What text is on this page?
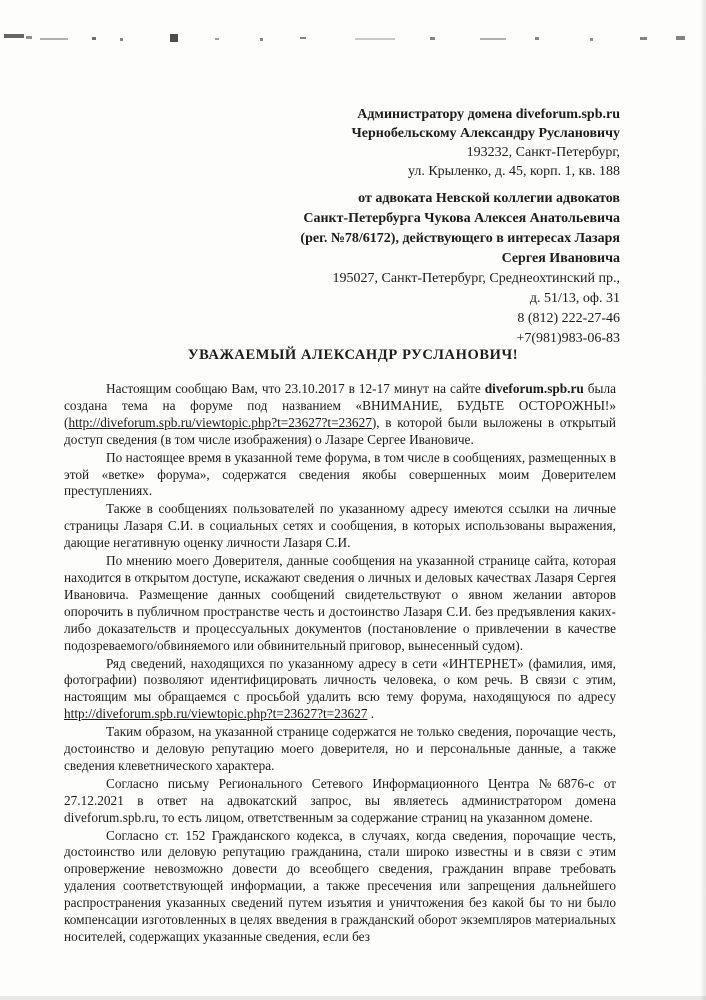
Администратору домена diveforum.spb.ru
Чернобельскому Александру Руслановичу
193232, Санкт-Петербург,
ул. Крыленко, д. 45, корп. 1, кв. 188
от адвоката Невской коллегии адвокатов
Санкт-Петербурга Чукова Алексея Анатольевича
(рег. №78/6172), действующего в интересах Лазаря
Сергея Ивановича
195027, Санкт-Петербург, Среднеохтинский пр.,
д. 51/13, оф. 31
8 (812) 222-27-46
+7(981)983-06-83
УВАЖАЕМЫЙ АЛЕКСАНДР РУСЛАНОВИЧ!

Настоящим сообщаю Вам, что 23.10.2017 в 12-17 минут на сайте diveforum.spb.ru была создана тема на форуме под названием «ВНИМАНИЕ, БУДЬТЕ ОСТОРОЖНЫ!» (http://diveforum.spb.ru/viewtopic.php?t=23627?t=23627), в которой были выложены в открытый доступ сведения (в том числе изображения) о Лазаре Сергее Ивановиче.

По настоящее время в указанной теме форума, в том числе в сообщениях, размещенных в этой «ветке» форума», содержатся сведения якобы совершенных моим Доверителем преступлениях.

Также в сообщениях пользователей по указанному адресу имеются ссылки на личные страницы Лазаря С.И. в социальных сетях и сообщения, в которых использованы выражения, дающие негативную оценку личности Лазаря С.И.

По мнению моего Доверителя, данные сообщения на указанной странице сайта, которая находится в открытом доступе, искажают сведения о личных и деловых качествах Лазаря Сергея Ивановича. Размещение данных сообщений свидетельствуют о явном желании авторов опорочить в публичном пространстве честь и достоинство Лазаря С.И. без предъявления каких-либо доказательств и процессуальных документов (постановление о привлечении в качестве подозреваемого/обвиняемого или обвинительный приговор, вынесенный судом).

Ряд сведений, находящихся по указанному адресу в сети «ИНТЕРНЕТ» (фамилия, имя, фотографии) позволяют идентифицировать личность человека, о ком речь. В связи с этим, настоящим мы обращаемся с просьбой удалить всю тему форума, находящуюся по адресу http://diveforum.spb.ru/viewtopic.php?t=23627?t=23627 .

Таким образом, на указанной странице содержатся не только сведения, порочащие честь, достоинство и деловую репутацию моего доверителя, но и персональные данные, а также сведения клеветнического характера.

Согласно письму Регионального Сетевого Информационного Центра №6876-с от 27.12.2021 в ответ на адвокатский запрос, вы являетесь администратором домена diveforum.spb.ru, то есть лицом, ответственным за содержание страниц на указанном домене.

Согласно ст. 152 Гражданского кодекса, в случаях, когда сведения, порочащие честь, достоинство или деловую репутацию гражданина, стали широко известны и в связи с этим опровержение невозможно довести до всеобщего сведения, гражданин вправе требовать удаления соответствующей информации, а также пресечения или запрещения дальнейшего распространения указанных сведений путем изъятия и уничтожения без какой бы то ни было компенсации изготовленных в целях введения в гражданский оборот экземпляров материальных носителей, содержащих указанные сведения, если без
